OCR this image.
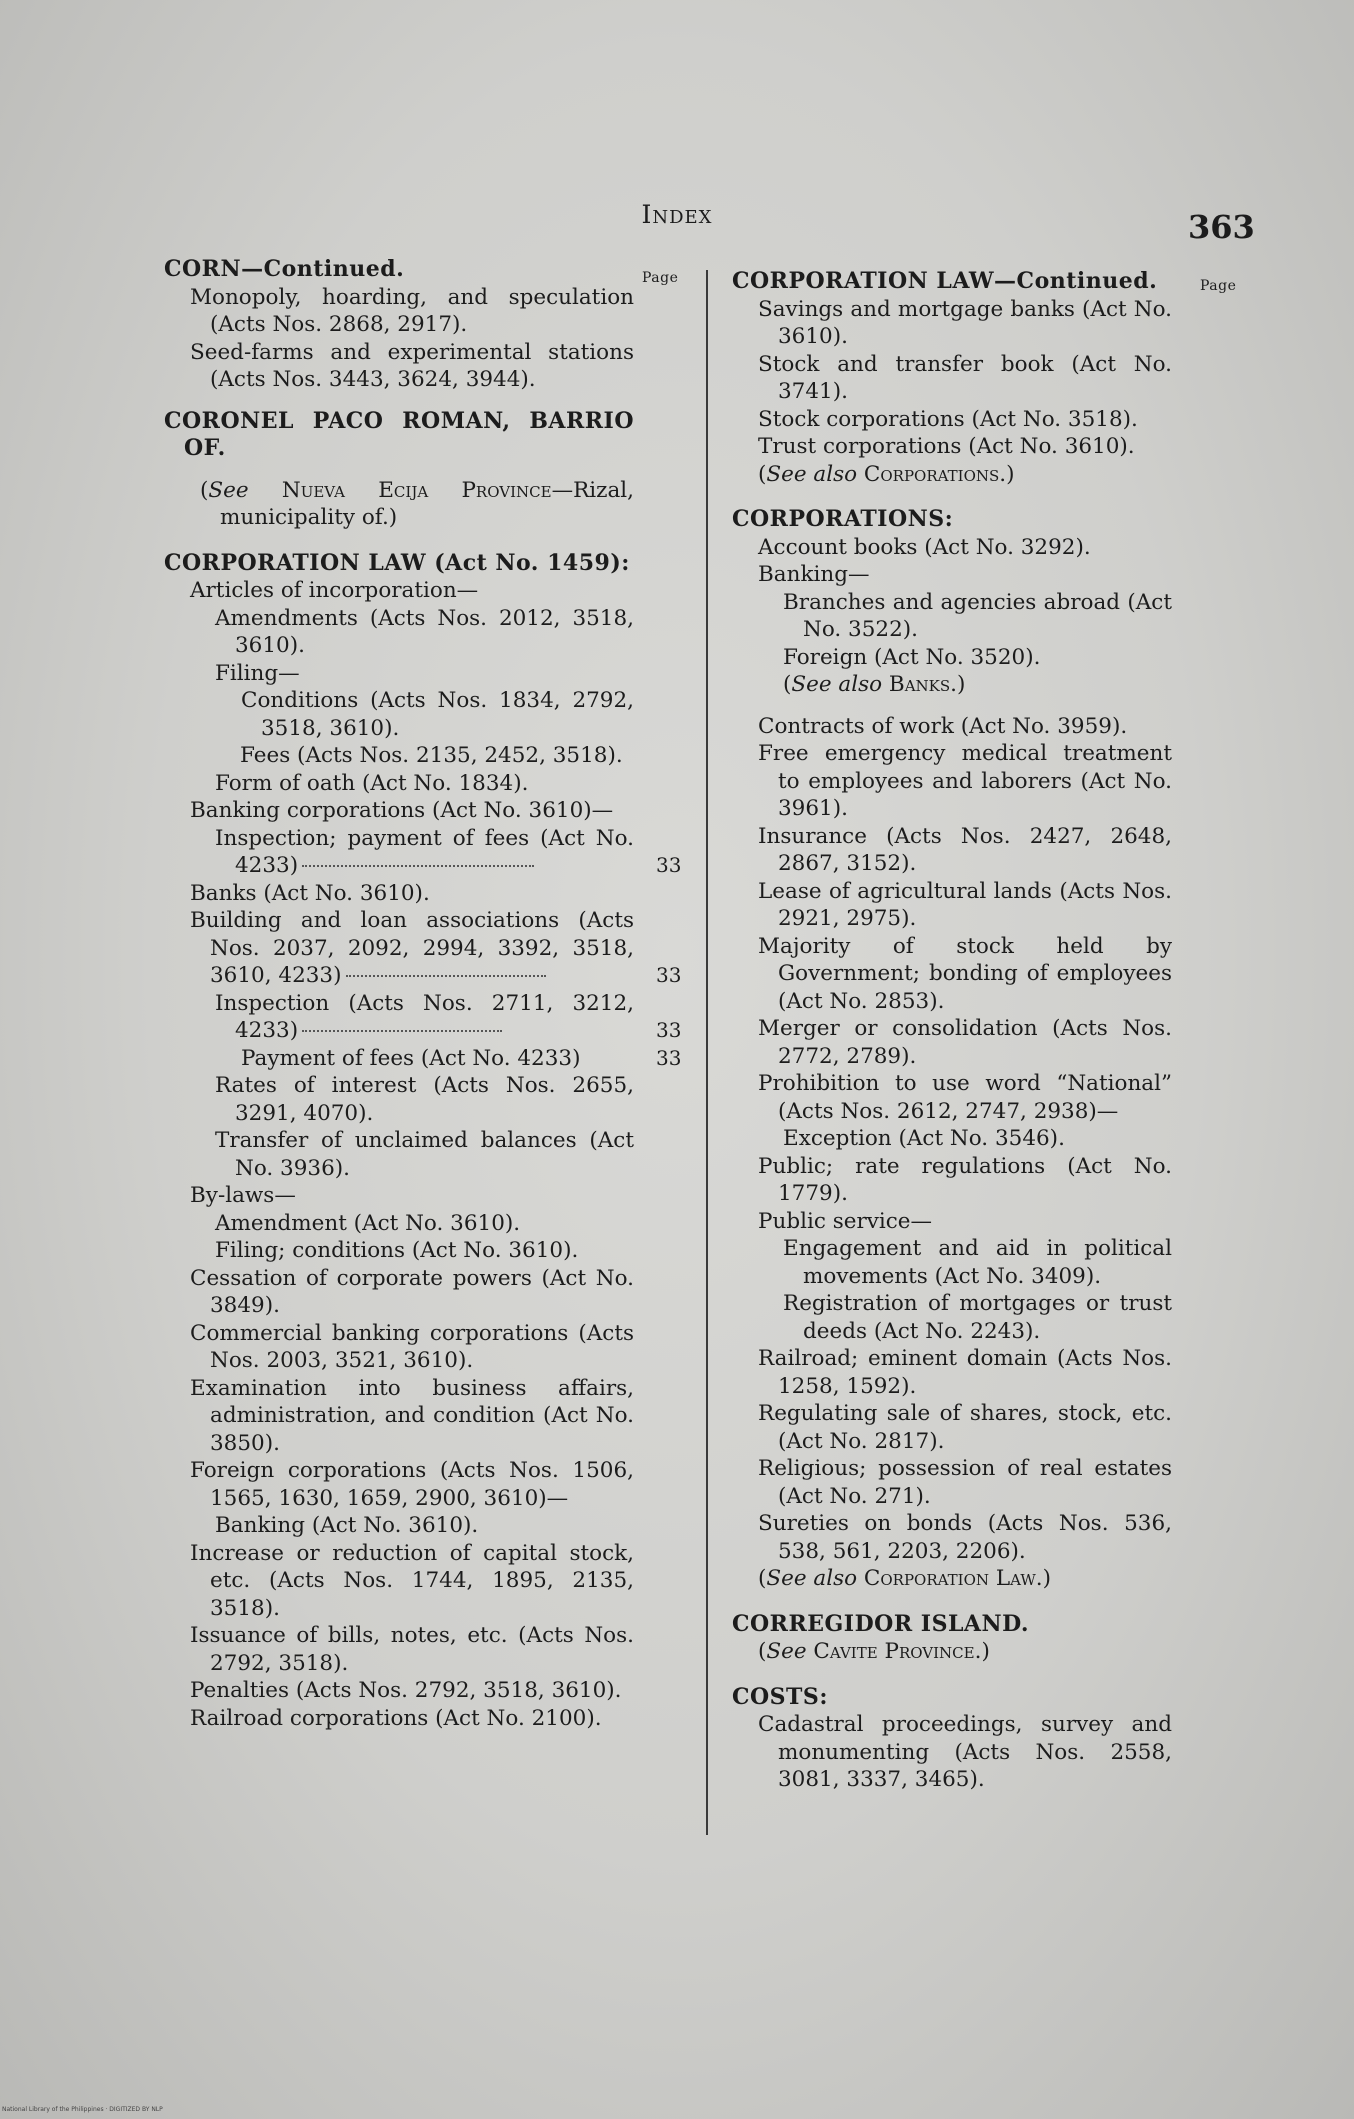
Index	363
Page	Page
CORN—Continued.
Monopoly, hoarding, and speculation (Acts Nos. 2868, 2917).
Seed-farms and experimental stations (Acts Nos. 3443, 3624, 3944).
CORONEL PACO ROMAN, BARRIO OF.
(See Nueva Ecija Province—Rizal, municipality of.)
CORPORATION LAW (Act No. 1459):
Articles of incorporation—
Amendments (Acts Nos. 2012, 3518, 3610).
Filing—
Conditions (Acts Nos. 1834, 2792, 3518, 3610).
Fees (Acts Nos. 2135, 2452, 3518).
Form of oath (Act No. 1834).
Banking corporations (Act No. 3610)—
Inspection; payment of fees (Act No. 4233)	33
Banks (Act No. 3610).
Building and loan associations (Acts Nos. 2037, 2092, 2994, 3392, 3518, 3610, 4233)	33
Inspection (Acts Nos. 2711, 3212, 4233)	33
Payment of fees (Act No. 4233)	33
Rates of interest (Acts Nos. 2655, 3291, 4070).
Transfer of unclaimed balances (Act No. 3936).
By-laws—
Amendment (Act No. 3610).
Filing; conditions (Act No. 3610).
Cessation of corporate powers (Act No. 3849).
Commercial banking corporations (Acts Nos. 2003, 3521, 3610).
Examination into business affairs, administration, and condition (Act No. 3850).
Foreign corporations (Acts Nos. 1506, 1565, 1630, 1659, 2900, 3610)—
Banking (Act No. 3610).
Increase or reduction of capital stock, etc. (Acts Nos. 1744, 1895, 2135, 3518).
Issuance of bills, notes, etc. (Acts Nos. 2792, 3518).
Penalties (Acts Nos. 2792, 3518, 3610).
Railroad corporations (Act No. 2100).
CORPORATION LAW—Continued.
Savings and mortgage banks (Act No. 3610).
Stock and transfer book (Act No. 3741).
Stock corporations (Act No. 3518).
Trust corporations (Act No. 3610).
(See also Corporations.)
CORPORATIONS:
Account books (Act No. 3292).
Banking—
Branches and agencies abroad (Act No. 3522).
Foreign (Act No. 3520).
(See also Banks.)
Contracts of work (Act No. 3959).
Free emergency medical treatment to employees and laborers (Act No. 3961).
Insurance (Acts Nos. 2427, 2648, 2867, 3152).
Lease of agricultural lands (Acts Nos. 2921, 2975).
Majority of stock held by Government; bonding of employees (Act No. 2853).
Merger or consolidation (Acts Nos. 2772, 2789).
Prohibition to use word “National” (Acts Nos. 2612, 2747, 2938)—
Exception (Act No. 3546).
Public; rate regulations (Act No. 1779).
Public service—
Engagement and aid in political movements (Act No. 3409).
Registration of mortgages or trust deeds (Act No. 2243).
Railroad; eminent domain (Acts Nos. 1258, 1592).
Regulating sale of shares, stock, etc. (Act No. 2817).
Religious; possession of real estates (Act No. 271).
Sureties on bonds (Acts Nos. 536, 538, 561, 2203, 2206).
(See also Corporation Law.)
CORREGIDOR ISLAND.
(See Cavite Province.)
COSTS:
Cadastral proceedings, survey and monumenting (Acts Nos. 2558, 3081, 3337, 3465).
National Library of the Philippines · DIGITIZED BY NLP
